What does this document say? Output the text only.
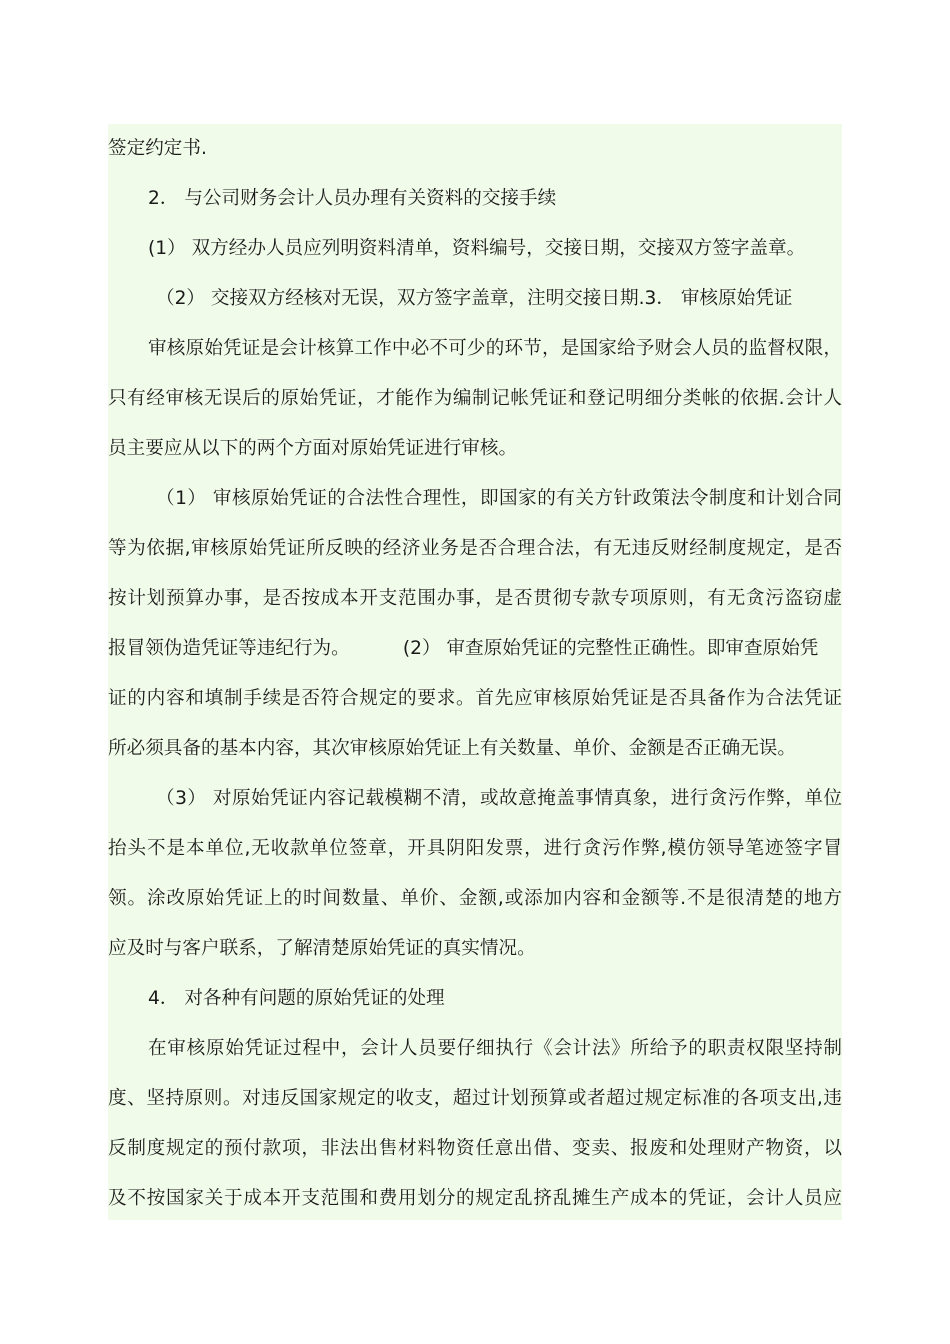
签定约定书.
2． 与公司财务会计人员办理有关资料的交接手续
(1） 双方经办人员应列明资料清单，资料编号，交接日期，交接双方签字盖章。
（2） 交接双方经核对无误，双方签字盖章，注明交接日期.3． 审核原始凭证
审核原始凭证是会计核算工作中必不可少的环节，是国家给予财会人员的监督权限，
只有经审核无误后的原始凭证，才能作为编制记帐凭证和登记明细分类帐的依据.会计人
员主要应从以下的两个方面对原始凭证进行审核。
（1） 审核原始凭证的合法性合理性，即国家的有关方针政策法令制度和计划合同
等为依据,审核原始凭证所反映的经济业务是否合理合法，有无违反财经制度规定，是否
按计划预算办事，是否按成本开支范围办事，是否贯彻专款专项原则，有无贪污盗窃虚
报冒领伪造凭证等违纪行为。         (2） 审查原始凭证的完整性正确性。即审查原始凭
证的内容和填制手续是否符合规定的要求。首先应审核原始凭证是否具备作为合法凭证
所必须具备的基本内容，其次审核原始凭证上有关数量、单价、金额是否正确无误。
（3） 对原始凭证内容记载模糊不清，或故意掩盖事情真象，进行贪污作弊，单位
抬头不是本单位,无收款单位签章，开具阴阳发票，进行贪污作弊,模仿领导笔迹签字冒
领。涂改原始凭证上的时间数量、单价、金额,或添加内容和金额等.不是很清楚的地方
应及时与客户联系，了解清楚原始凭证的真实情况。
4． 对各种有问题的原始凭证的处理
在审核原始凭证过程中，会计人员要仔细执行《会计法》所给予的职责权限坚持制
度、坚持原则。对违反国家规定的收支，超过计划预算或者超过规定标准的各项支出,违
反制度规定的预付款项，非法出售材料物资任意出借、变卖、报废和处理财产物资，以
及不按国家关于成本开支范围和费用划分的规定乱挤乱摊生产成本的凭证，会计人员应
